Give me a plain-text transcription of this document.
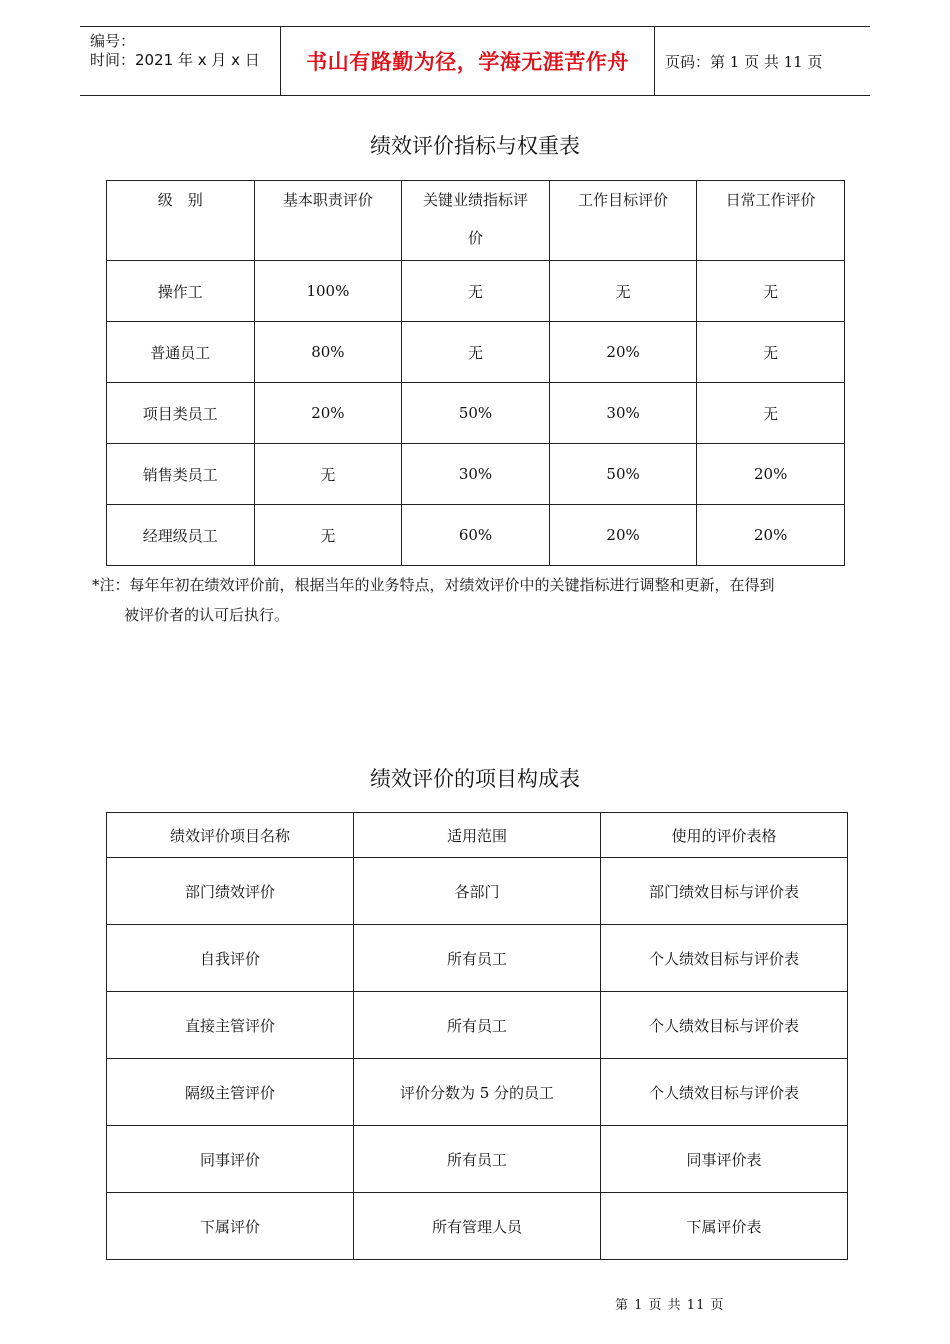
编号：
时间：2021 年 x 月 x 日 书山有路勤为径，学海无涯苦作舟	页码：第 1 页 共 11 页
绩效评价指标与权重表
级　别	基本职责评价	关键业绩指标评价	工作目标评价	日常工作评价

操作工	100%	无	无	无
普通员工	80%	无	20%	无
项目类员工	20%	50%	30%	无
销售类员工	无	30%	50%	20%
经理级员工	无	60%	20%	20%
*注：每年年初在绩效评价前，根据当年的业务特点，对绩效评价中的关键指标进行调整和更新，在得到
被评价者的认可后执行。
绩效评价的项目构成表
绩效评价项目名称	适用范围	使用的评价表格
部门绩效评价	各部门	部门绩效目标与评价表
自我评价	所有员工	个人绩效目标与评价表
直接主管评价	所有员工	个人绩效目标与评价表
隔级主管评价	评价分数为 5 分的员工	个人绩效目标与评价表
同事评价	所有员工	同事评价表
下属评价	所有管理人员	下属评价表
第 1 页 共 11 页
